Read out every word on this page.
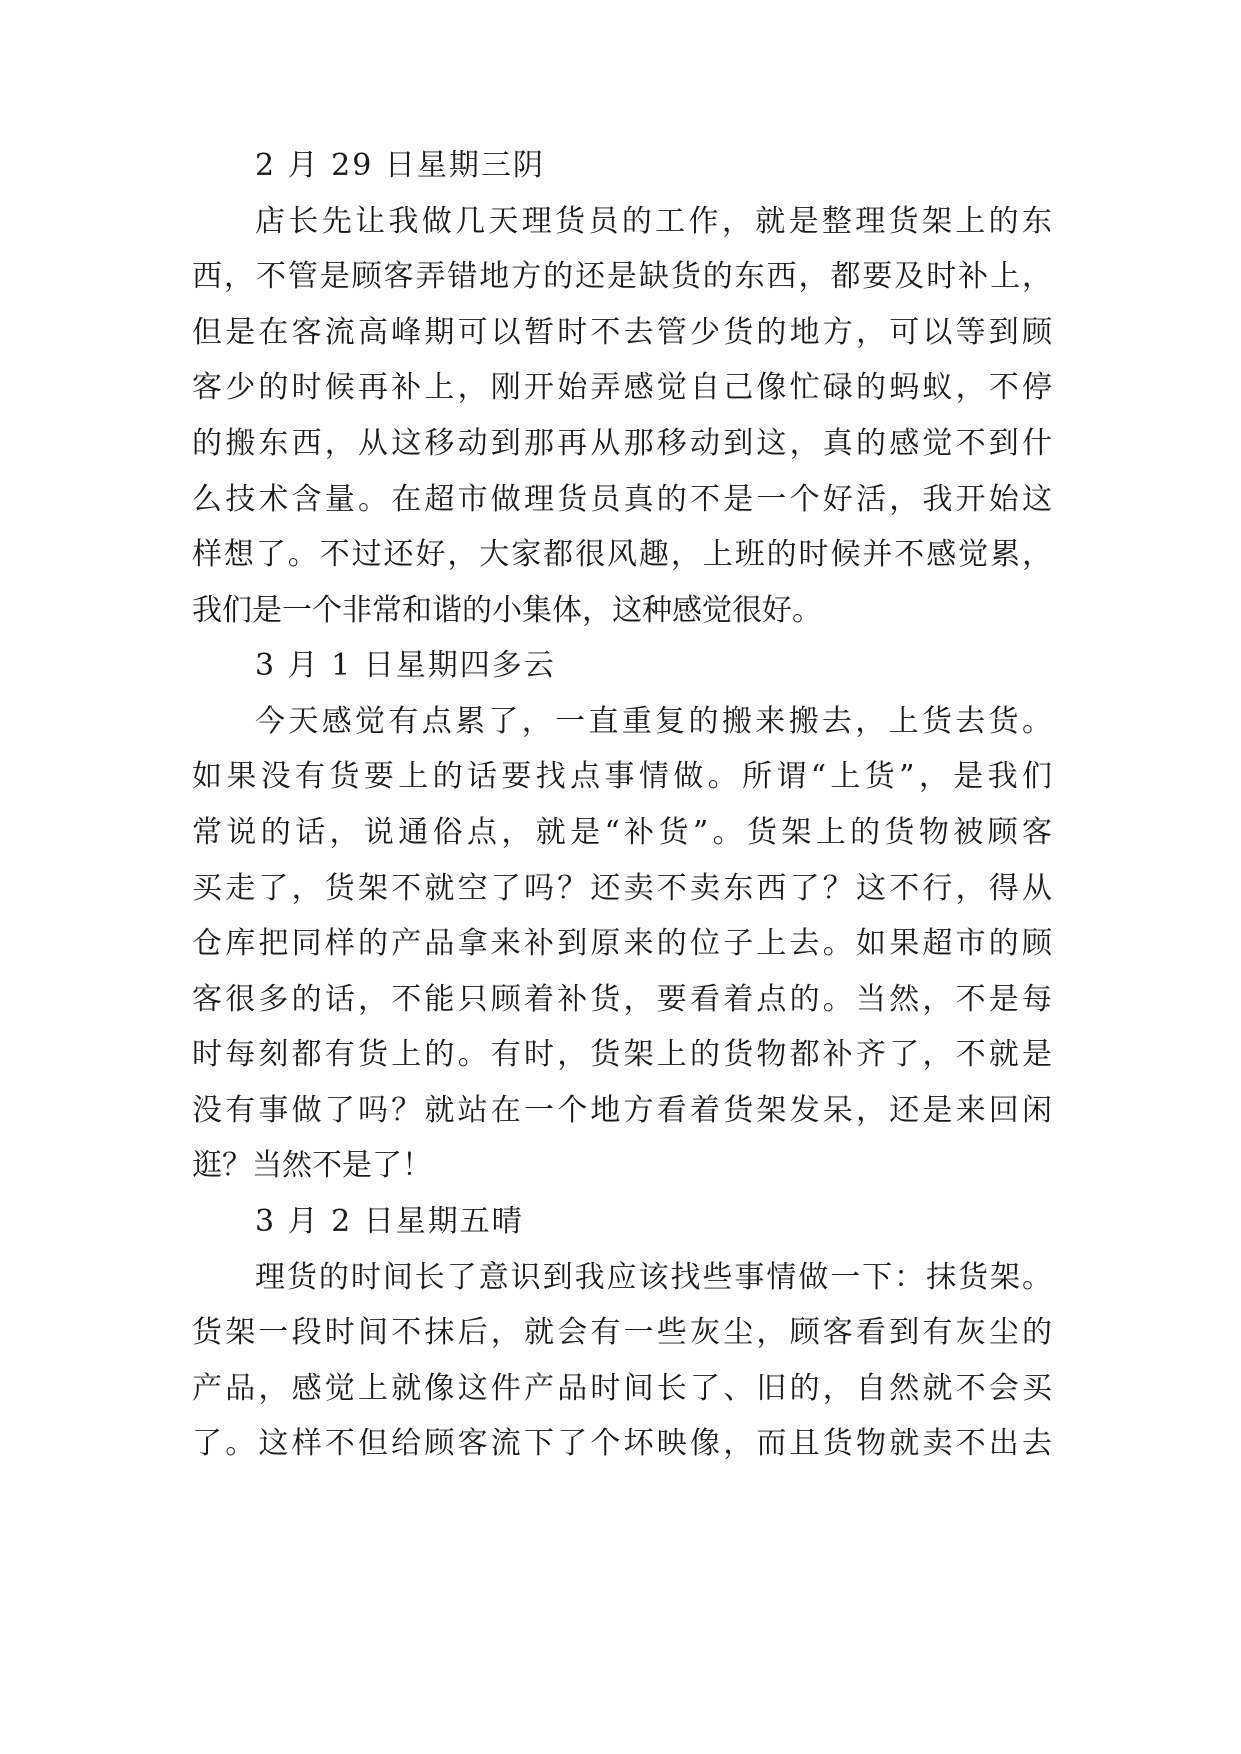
2 月 29 日星期三阴
店长先让我做几天理货员的工作，就是整理货架上的东
西，不管是顾客弄错地方的还是缺货的东西，都要及时补上，
但是在客流高峰期可以暂时不去管少货的地方，可以等到顾
客少的时候再补上，刚开始弄感觉自己像忙碌的蚂蚁，不停
的搬东西，从这移动到那再从那移动到这，真的感觉不到什
么技术含量。在超市做理货员真的不是一个好活，我开始这
样想了。不过还好，大家都很风趣，上班的时候并不感觉累，
我们是一个非常和谐的小集体，这种感觉很好。
3 月 1 日星期四多云
今天感觉有点累了，一直重复的搬来搬去，上货去货。
如果没有货要上的话要找点事情做。所谓“上货”，是我们
常说的话，说通俗点，就是“补货”。货架上的货物被顾客
买走了，货架不就空了吗？还卖不卖东西了？这不行，得从
仓库把同样的产品拿来补到原来的位子上去。如果超市的顾
客很多的话，不能只顾着补货，要看着点的。当然，不是每
时每刻都有货上的。有时，货架上的货物都补齐了，不就是
没有事做了吗？就站在一个地方看着货架发呆，还是来回闲
逛？当然不是了！
3 月 2 日星期五晴
理货的时间长了意识到我应该找些事情做一下：抹货架。
货架一段时间不抹后，就会有一些灰尘，顾客看到有灰尘的
产品，感觉上就像这件产品时间长了、旧的，自然就不会买
了。这样不但给顾客流下了个坏映像，而且货物就卖不出去
